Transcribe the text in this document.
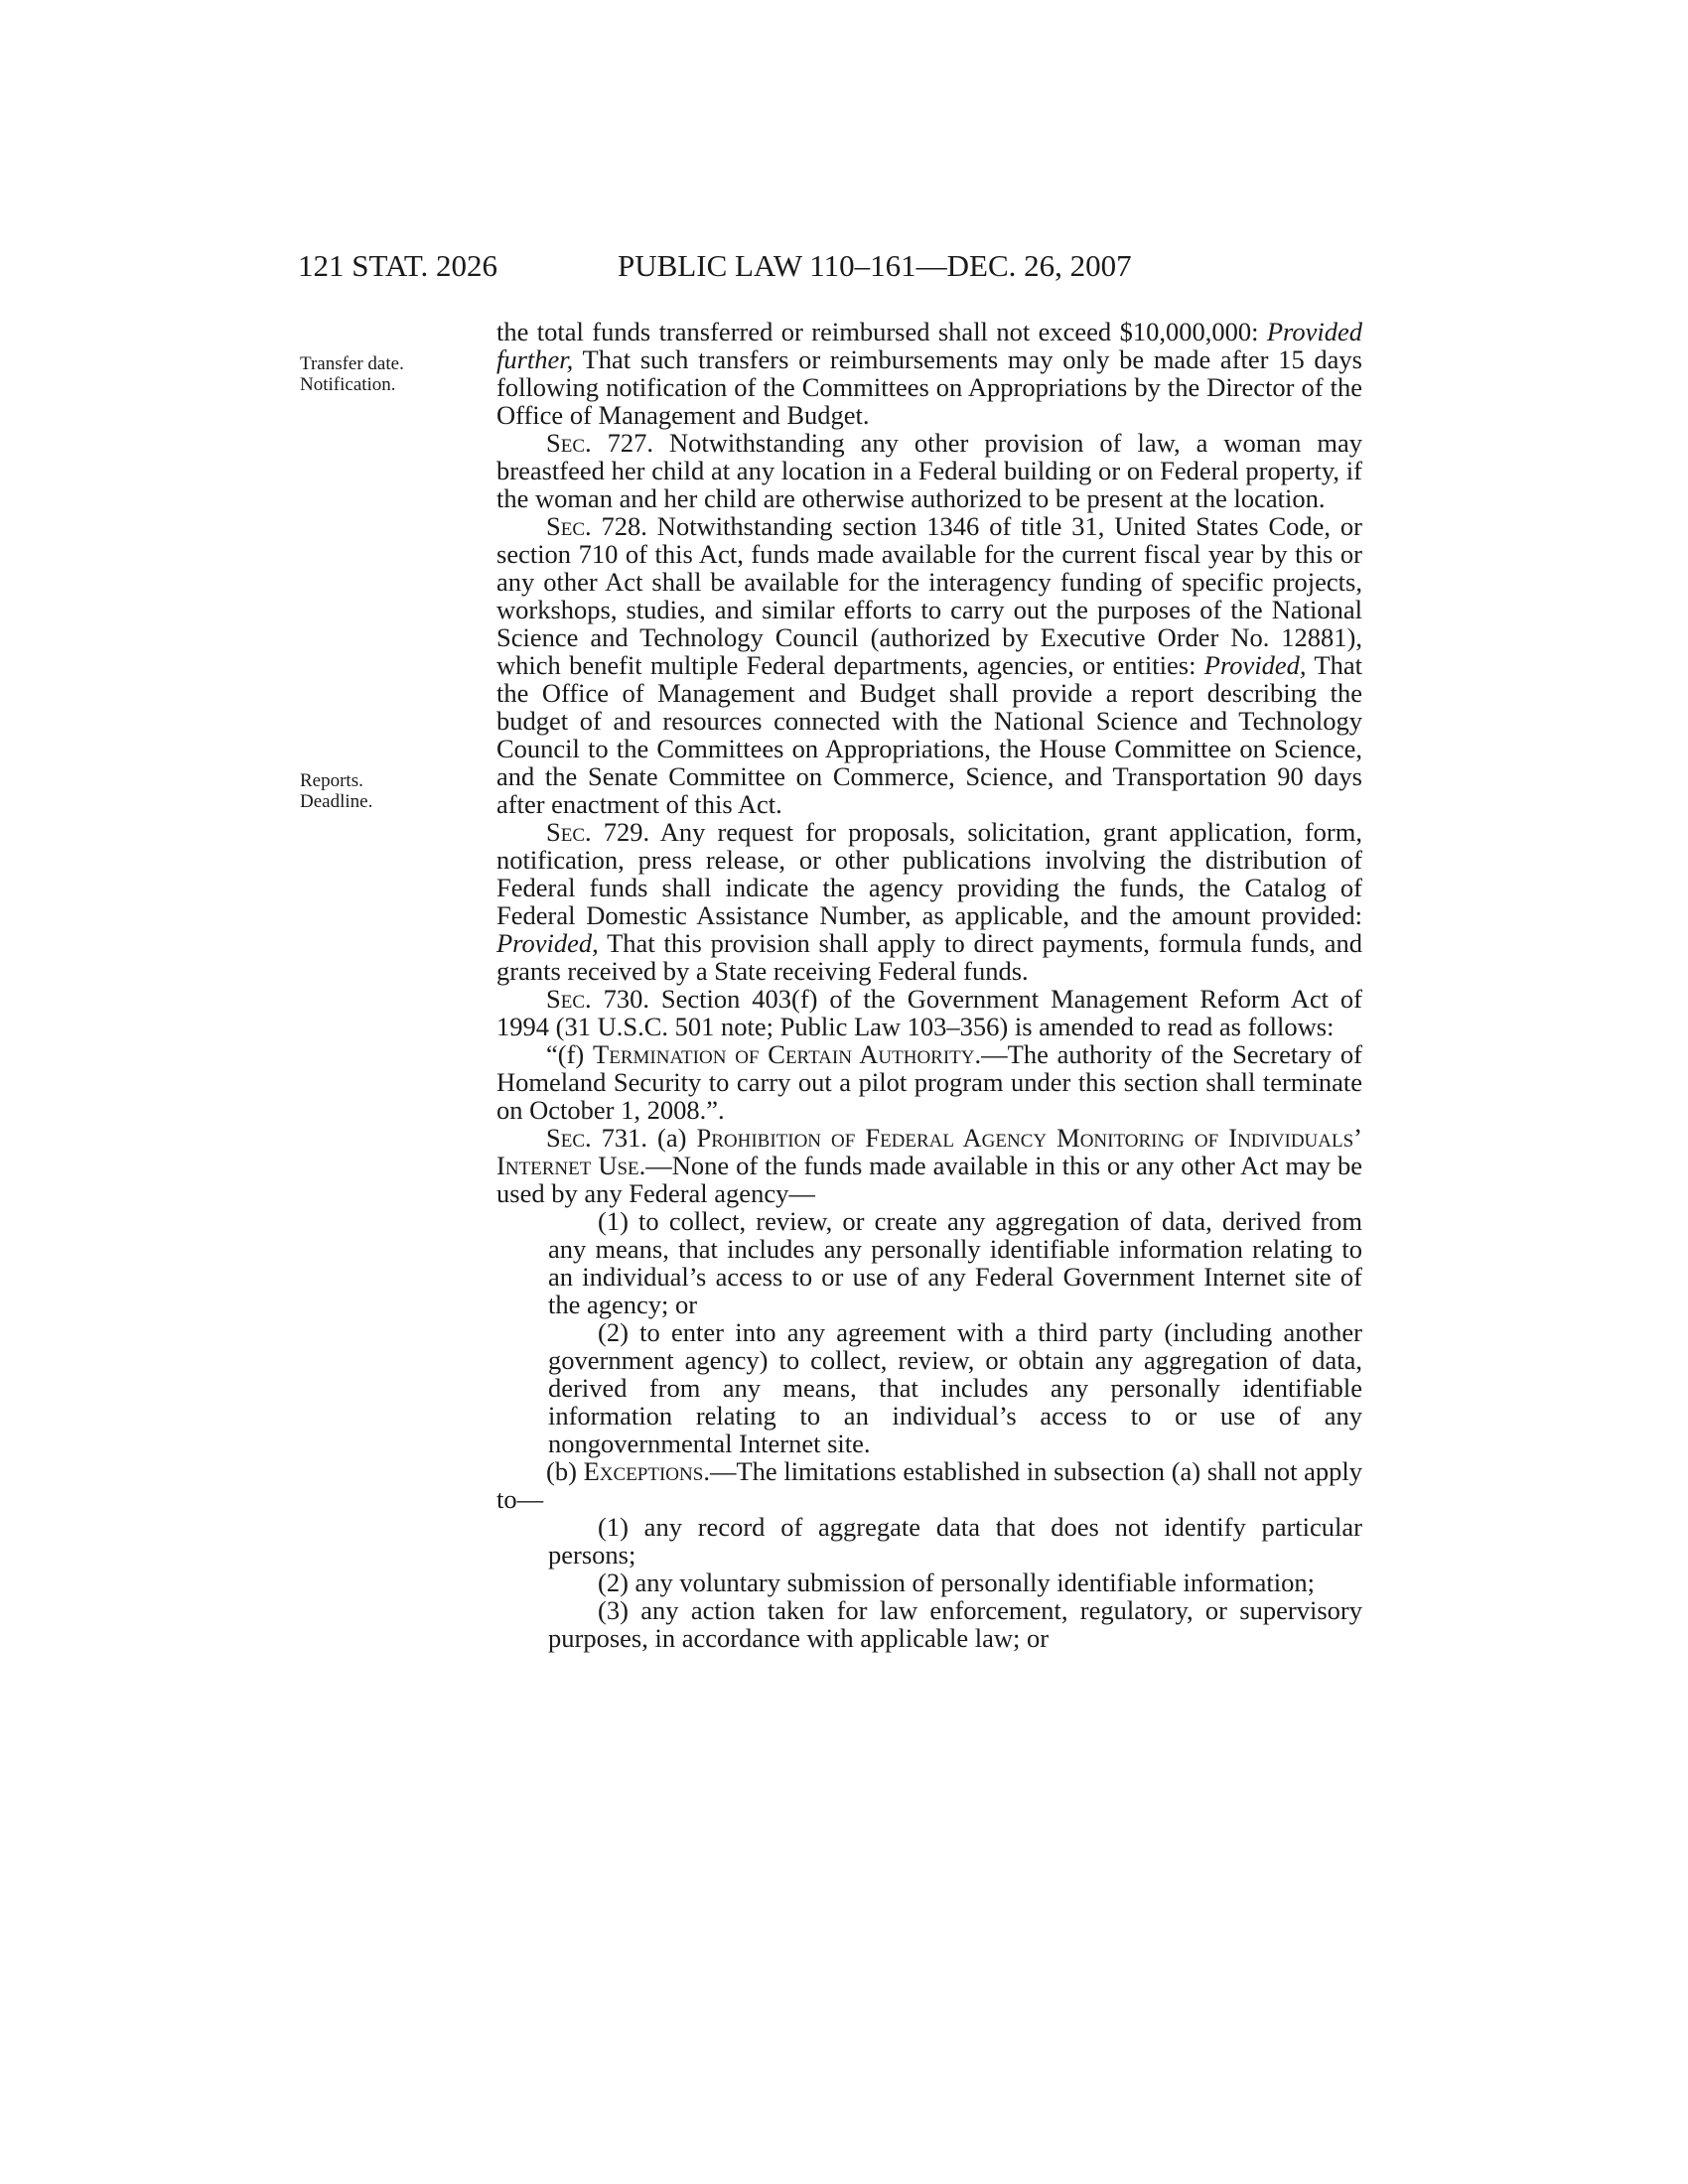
121 STAT. 2026	PUBLIC LAW 110–161—DEC. 26, 2007
Transfer date.
Notification.
Reports.
Deadline.

the total funds transferred or reimbursed shall not exceed $10,000,000: Provided further, That such transfers or reimbursements may only be made after 15 days following notification of the Committees on Appropriations by the Director of the Office of Management and Budget.

Sec. 727. Notwithstanding any other provision of law, a woman may breastfeed her child at any location in a Federal building or on Federal property, if the woman and her child are otherwise authorized to be present at the location.

Sec. 728. Notwithstanding section 1346 of title 31, United States Code, or section 710 of this Act, funds made available for the current fiscal year by this or any other Act shall be available for the interagency funding of specific projects, workshops, studies, and similar efforts to carry out the purposes of the National Science and Technology Council (authorized by Executive Order No. 12881), which benefit multiple Federal departments, agencies, or entities: Provided, That the Office of Management and Budget shall provide a report describing the budget of and resources connected with the National Science and Technology Council to the Committees on Appropriations, the House Committee on Science, and the Senate Committee on Commerce, Science, and Transportation 90 days after enactment of this Act.

Sec. 729. Any request for proposals, solicitation, grant application, form, notification, press release, or other publications involving the distribution of Federal funds shall indicate the agency providing the funds, the Catalog of Federal Domestic Assistance Number, as applicable, and the amount provided: Provided, That this provision shall apply to direct payments, formula funds, and grants received by a State receiving Federal funds.

Sec. 730. Section 403(f) of the Government Management Reform Act of 1994 (31 U.S.C. 501 note; Public Law 103–356) is amended to read as follows:

“(f) Termination of Certain Authority.—The authority of the Secretary of Homeland Security to carry out a pilot program under this section shall terminate on October 1, 2008.”.

Sec. 731. (a) Prohibition of Federal Agency Monitoring of Individuals’ Internet Use.—None of the funds made available in this or any other Act may be used by any Federal agency—

(1) to collect, review, or create any aggregation of data, derived from any means, that includes any personally identifiable information relating to an individual’s access to or use of any Federal Government Internet site of the agency; or

(2) to enter into any agreement with a third party (including another government agency) to collect, review, or obtain any aggregation of data, derived from any means, that includes any personally identifiable information relating to an individual’s access to or use of any nongovernmental Internet site.

(b) Exceptions.—The limitations established in subsection (a) shall not apply to—

(1) any record of aggregate data that does not identify particular persons;

(2) any voluntary submission of personally identifiable information;

(3) any action taken for law enforcement, regulatory, or supervisory purposes, in accordance with applicable law; or
